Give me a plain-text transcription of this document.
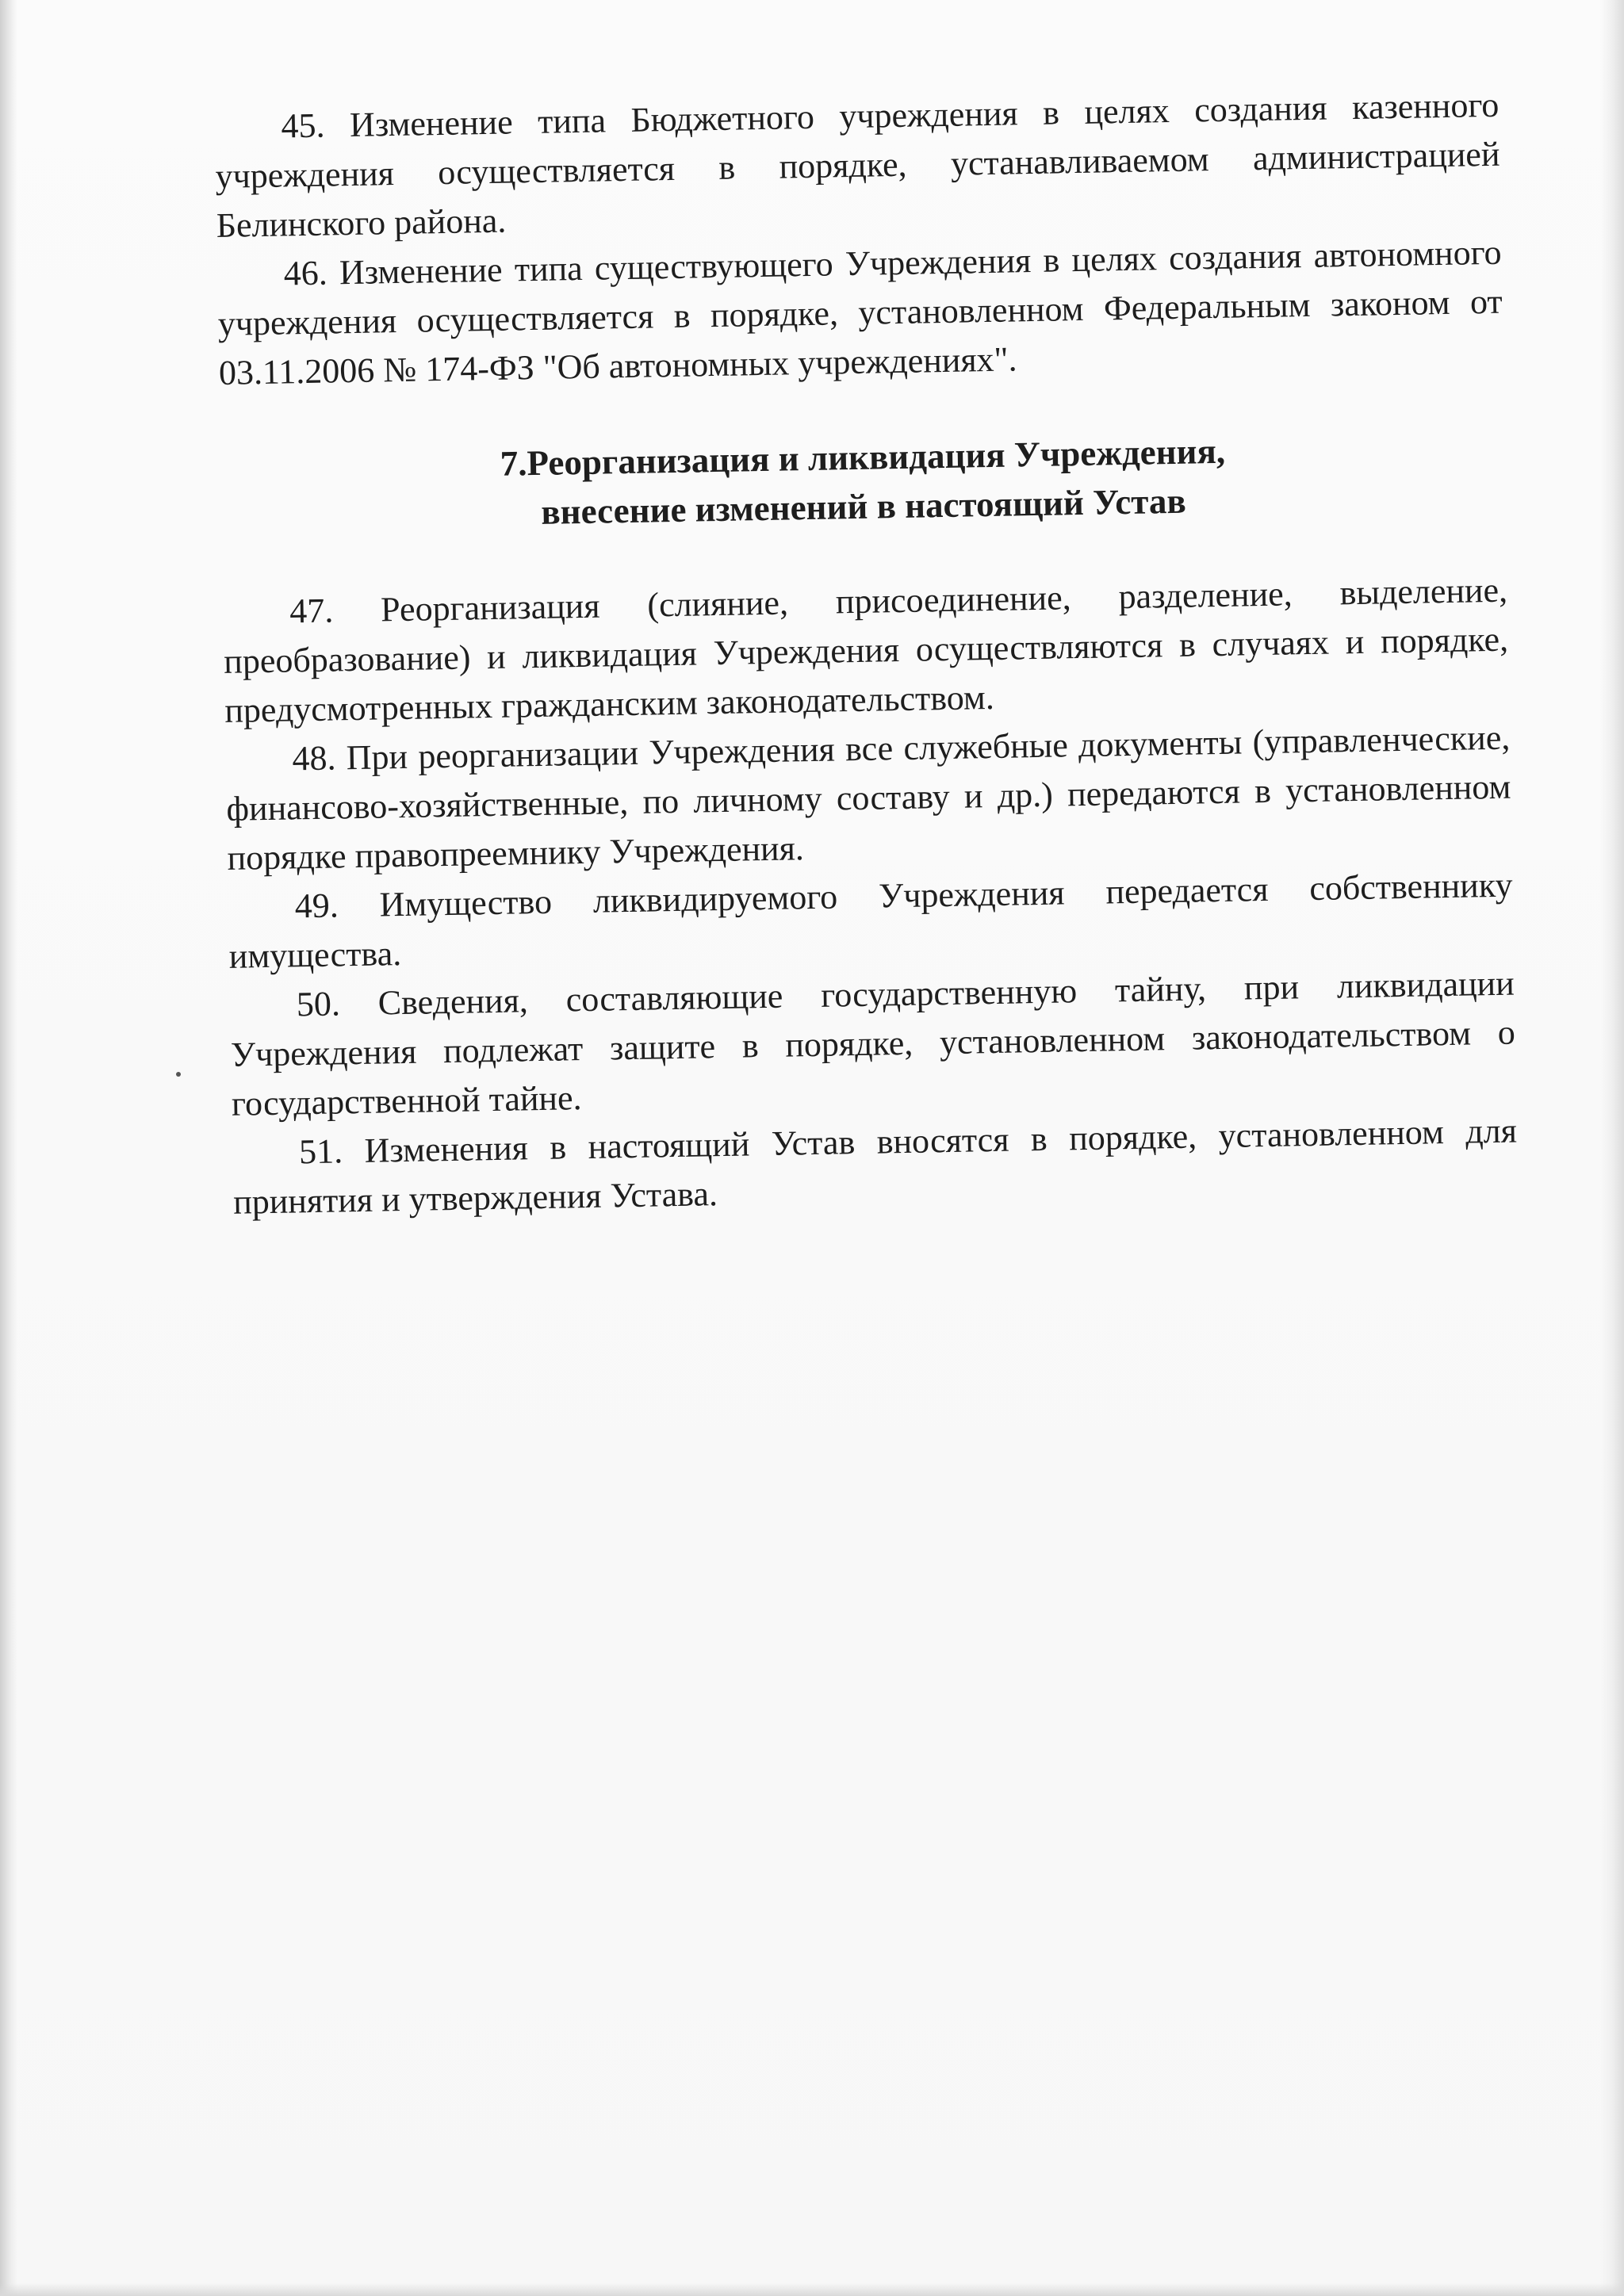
45. Изменение типа Бюджетного учреждения в целях создания казенного учреждения осуществляется в порядке, устанавливаемом администрацией Белинского района.

46. Изменение типа существующего Учреждения в целях создания автономного учреждения осуществляется в порядке, установленном Федеральным законом от 03.11.2006 № 174-ФЗ "Об автономных учреждениях".

7.Реорганизация и ликвидация Учреждения,
внесение изменений в настоящий Устав

47. Реорганизация (слияние, присоединение, разделение, выделение, преобразование) и ликвидация Учреждения осуществляются в случаях и порядке, предусмотренных гражданским законодательством.

48. При реорганизации Учреждения все служебные документы (управленческие, финансово-хозяйственные, по личному составу и др.) передаются в установленном порядке правопреемнику Учреждения.

49. Имущество ликвидируемого Учреждения передается собственнику имущества.

50. Сведения, составляющие государственную тайну, при ликвидации Учреждения подлежат защите в порядке, установленном законодательством о государственной тайне.

51. Изменения в настоящий Устав вносятся в порядке, установленном для принятия и утверждения Устава.
